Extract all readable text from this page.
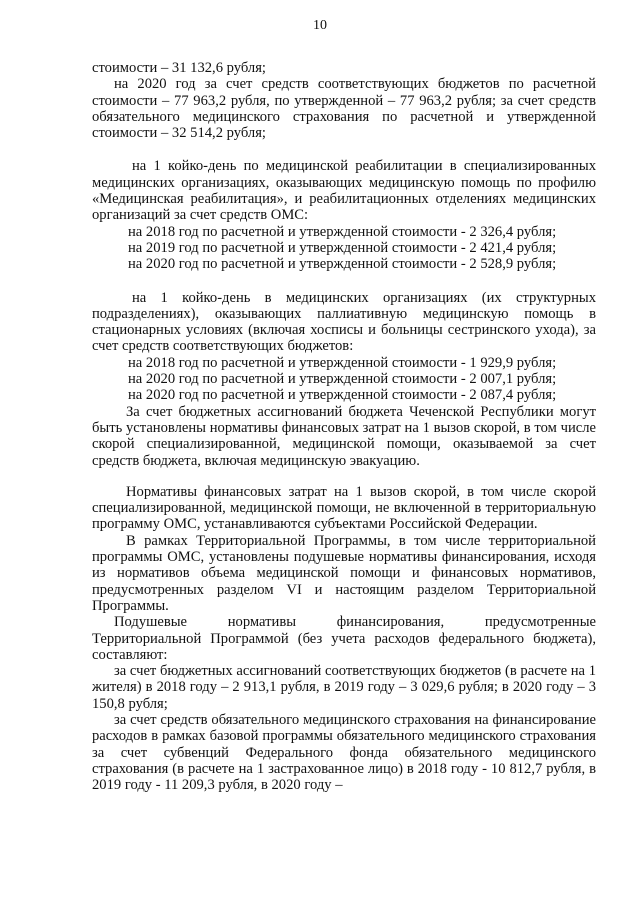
10

стоимости – 31 132,6 рубля;

на 2020 год за счет средств соответствующих бюджетов по расчетной стоимости – 77 963,2 рубля, по утвержденной – 77 963,2 рубля; за счет средств обязательного медицинского страхования по расчетной и утвержденной стоимости – 32 514,2 рубля;

на 1 койко-день по медицинской реабилитации в специализированных медицинских организациях, оказывающих медицинскую помощь по профилю «Медицинская реабилитация», и реабилитационных отделениях медицинских организаций за счет средств ОМС:

на 2018 год по расчетной и утвержденной стоимости - 2 326,4 рубля;

на 2019 год по расчетной и утвержденной стоимости - 2 421,4 рубля;

на 2020 год по расчетной и утвержденной стоимости - 2 528,9 рубля;

на 1 койко-день в медицинских организациях (их структурных подразделениях), оказывающих паллиативную медицинскую помощь в стационарных условиях (включая хосписы и больницы сестринского ухода), за счет средств соответствующих бюджетов:

на 2018 год по расчетной и утвержденной стоимости - 1 929,9 рубля;

на 2020 год по расчетной и утвержденной стоимости - 2 007,1 рубля;

на 2020 год по расчетной и утвержденной стоимости - 2 087,4 рубля;

За счет бюджетных ассигнований бюджета Чеченской Республики могут быть установлены нормативы финансовых затрат на 1 вызов скорой, в том числе скорой специализированной, медицинской помощи, оказываемой за счет средств бюджета, включая медицинскую эвакуацию.

Нормативы финансовых затрат на 1 вызов скорой, в том числе скорой специализированной, медицинской помощи, не включенной в территориальную программу ОМС, устанавливаются субъектами Российской Федерации.

В рамках Территориальной Программы, в том числе территориальной программы ОМС, установлены подушевые нормативы финансирования, исходя из нормативов объема медицинской помощи и финансовых нормативов, предусмотренных разделом VI и настоящим разделом Территориальной Программы.

Подушевые нормативы финансирования, предусмотренные Территориальной Программой (без учета расходов федерального бюджета), составляют:

за счет бюджетных ассигнований соответствующих бюджетов (в расчете на 1 жителя) в 2018 году – 2 913,1 рубля, в 2019 году – 3 029,6 рубля; в 2020 году – 3 150,8 рубля;

за счет средств обязательного медицинского страхования на финансирование расходов в рамках базовой программы обязательного медицинского страхования за счет субвенций Федерального фонда обязательного медицинского страхования (в расчете на 1 застрахованное лицо) в 2018 году - 10 812,7 рубля, в 2019 году - 11 209,3 рубля, в 2020 году –
